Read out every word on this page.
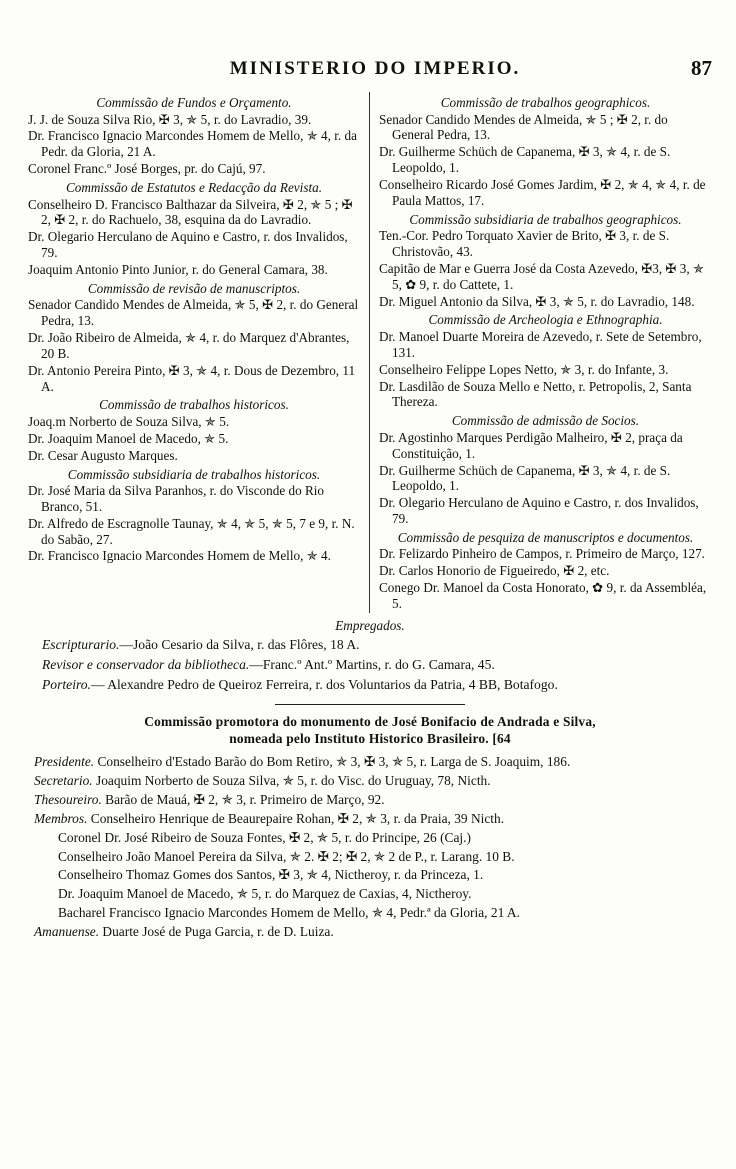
MINISTERIO DO IMPERIO.	87
Commissão de Fundos e Orçamento.
J. J. de Souza Silva Rio, ✠ 3, ✯ 5, r. do Lavradio, 39.
Dr. Francisco Ignacio Marcondes Homem de Mello, ✯ 4, r. da Pedr. da Gloria, 21 A.
Coronel Franc.º José Borges, pr. do Cajú, 97.
Commissão de Estatutos e Redacção da Revista.
Conselheiro D. Francisco Balthazar da Silveira, ✠ 2, ✯ 5 ; ✠ 2, ✠ 2, r. do Rachuelo, 38, esquina da do Lavradio.
Dr. Olegario Herculano de Aquino e Castro, r. dos Invalidos, 79.
Joaquim Antonio Pinto Junior, r. do General Camara, 38.
Commissão de revisão de manuscriptos.
Senador Candido Mendes de Almeida, ✯ 5, ✠ 2, r. do General Pedra, 13.
Dr. João Ribeiro de Almeida, ✯ 4, r. do Marquez d'Abrantes, 20 B.
Dr. Antonio Pereira Pinto, ✠ 3, ✯ 4, r. Dous de Dezembro, 11 A.
Commissão de trabalhos historicos.
Joaq.m Norberto de Souza Silva, ✯ 5.
Dr. Joaquim Manoel de Macedo, ✯ 5.
Dr. Cesar Augusto Marques.
Commissão subsidiaria de trabalhos historicos.
Dr. José Maria da Silva Paranhos, r. do Visconde do Rio Branco, 51.
Dr. Alfredo de Escragnolle Taunay, ✯ 4, ✯ 5, ✯ 5, 7 e 9, r. N. do Sabão, 27.
Dr. Francisco Ignacio Marcondes Homem de Mello, ✯ 4.
Commissão de trabalhos geographicos.
Senador Candido Mendes de Almeida, ✯ 5 ; ✠ 2, r. do General Pedra, 13.
Dr. Guilherme Schüch de Capanema, ✠ 3, ✯ 4, r. de S. Leopoldo, 1.
Conselheiro Ricardo José Gomes Jardim, ✠ 2, ✯ 4, ✯ 4, r. de Paula Mattos, 17.
Commissão subsidiaria de trabalhos geographicos.
Ten.-Cor. Pedro Torquato Xavier de Brito, ✠ 3, r. de S. Christovão, 43.
Capitão de Mar e Guerra José da Costa Azevedo, ✠3, ✠ 3, ✯ 5, ✿ 9, r. do Cattete, 1.
Dr. Miguel Antonio da Silva, ✠ 3, ✯ 5, r. do Lavradio, 148.
Commissão de Archeologia e Ethnographia.
Dr. Manoel Duarte Moreira de Azevedo, r. Sete de Setembro, 131.
Conselheiro Felippe Lopes Netto, ✯ 3, r. do Infante, 3.
Dr. Lasdilão de Souza Mello e Netto, r. Petropolis, 2, Santa Thereza.
Commissão de admissão de Socios.
Dr. Agostinho Marques Perdigão Malheiro, ✠ 2, praça da Constituição, 1.
Dr. Guilherme Schüch de Capanema, ✠ 3, ✯ 4, r. de S. Leopoldo, 1.
Dr. Olegario Herculano de Aquino e Castro, r. dos Invalidos, 79.
Commissão de pesquiza de manuscriptos e documentos.
Dr. Felizardo Pinheiro de Campos, r. Primeiro de Março, 127.
Dr. Carlos Honorio de Figueiredo, ✠ 2, etc.
Conego Dr. Manoel da Costa Honorato, ✿ 9, r. da Assembléa, 5.
Empregados.
Escripturario.—João Cesario da Silva, r. das Flôres, 18 A.
Revisor e conservador da bibliotheca.—Franc.º Ant.º Martins, r. do G. Camara, 45.
Porteiro.— Alexandre Pedro de Queiroz Ferreira, r. dos Voluntarios da Patria, 4 BB, Botafogo.
Commissão promotora do monumento de José Bonifacio de Andrada e Silva,
nomeada pelo Instituto Historico Brasileiro. [64
Presidente. Conselheiro d'Estado Barão do Bom Retiro, ✯ 3, ✠ 3, ✯ 5, r. Larga de S. Joaquim, 186.
Secretario. Joaquim Norberto de Souza Silva, ✯ 5, r. do Visc. do Uruguay, 78, Nicth.
Thesoureiro. Barão de Mauá, ✠ 2, ✯ 3, r. Primeiro de Março, 92.
Membros. Conselheiro Henrique de Beaurepaire Rohan, ✠ 2, ✯ 3, r. da Praia, 39 Nicth.
Coronel Dr. José Ribeiro de Souza Fontes, ✠ 2, ✯ 5, r. do Principe, 26 (Caj.)
Conselheiro João Manoel Pereira da Silva, ✯ 2. ✠ 2; ✠ 2, ✯ 2 de P., r. Larang. 10 B.
Conselheiro Thomaz Gomes dos Santos, ✠ 3, ✯ 4, Nictheroy, r. da Princeza, 1.
Dr. Joaquim Manoel de Macedo, ✯ 5, r. do Marquez de Caxias, 4, Nictheroy.
Bacharel Francisco Ignacio Marcondes Homem de Mello, ✯ 4, Pedr.ª da Gloria, 21 A.
Amanuense. Duarte José de Puga Garcia, r. de D. Luiza.
